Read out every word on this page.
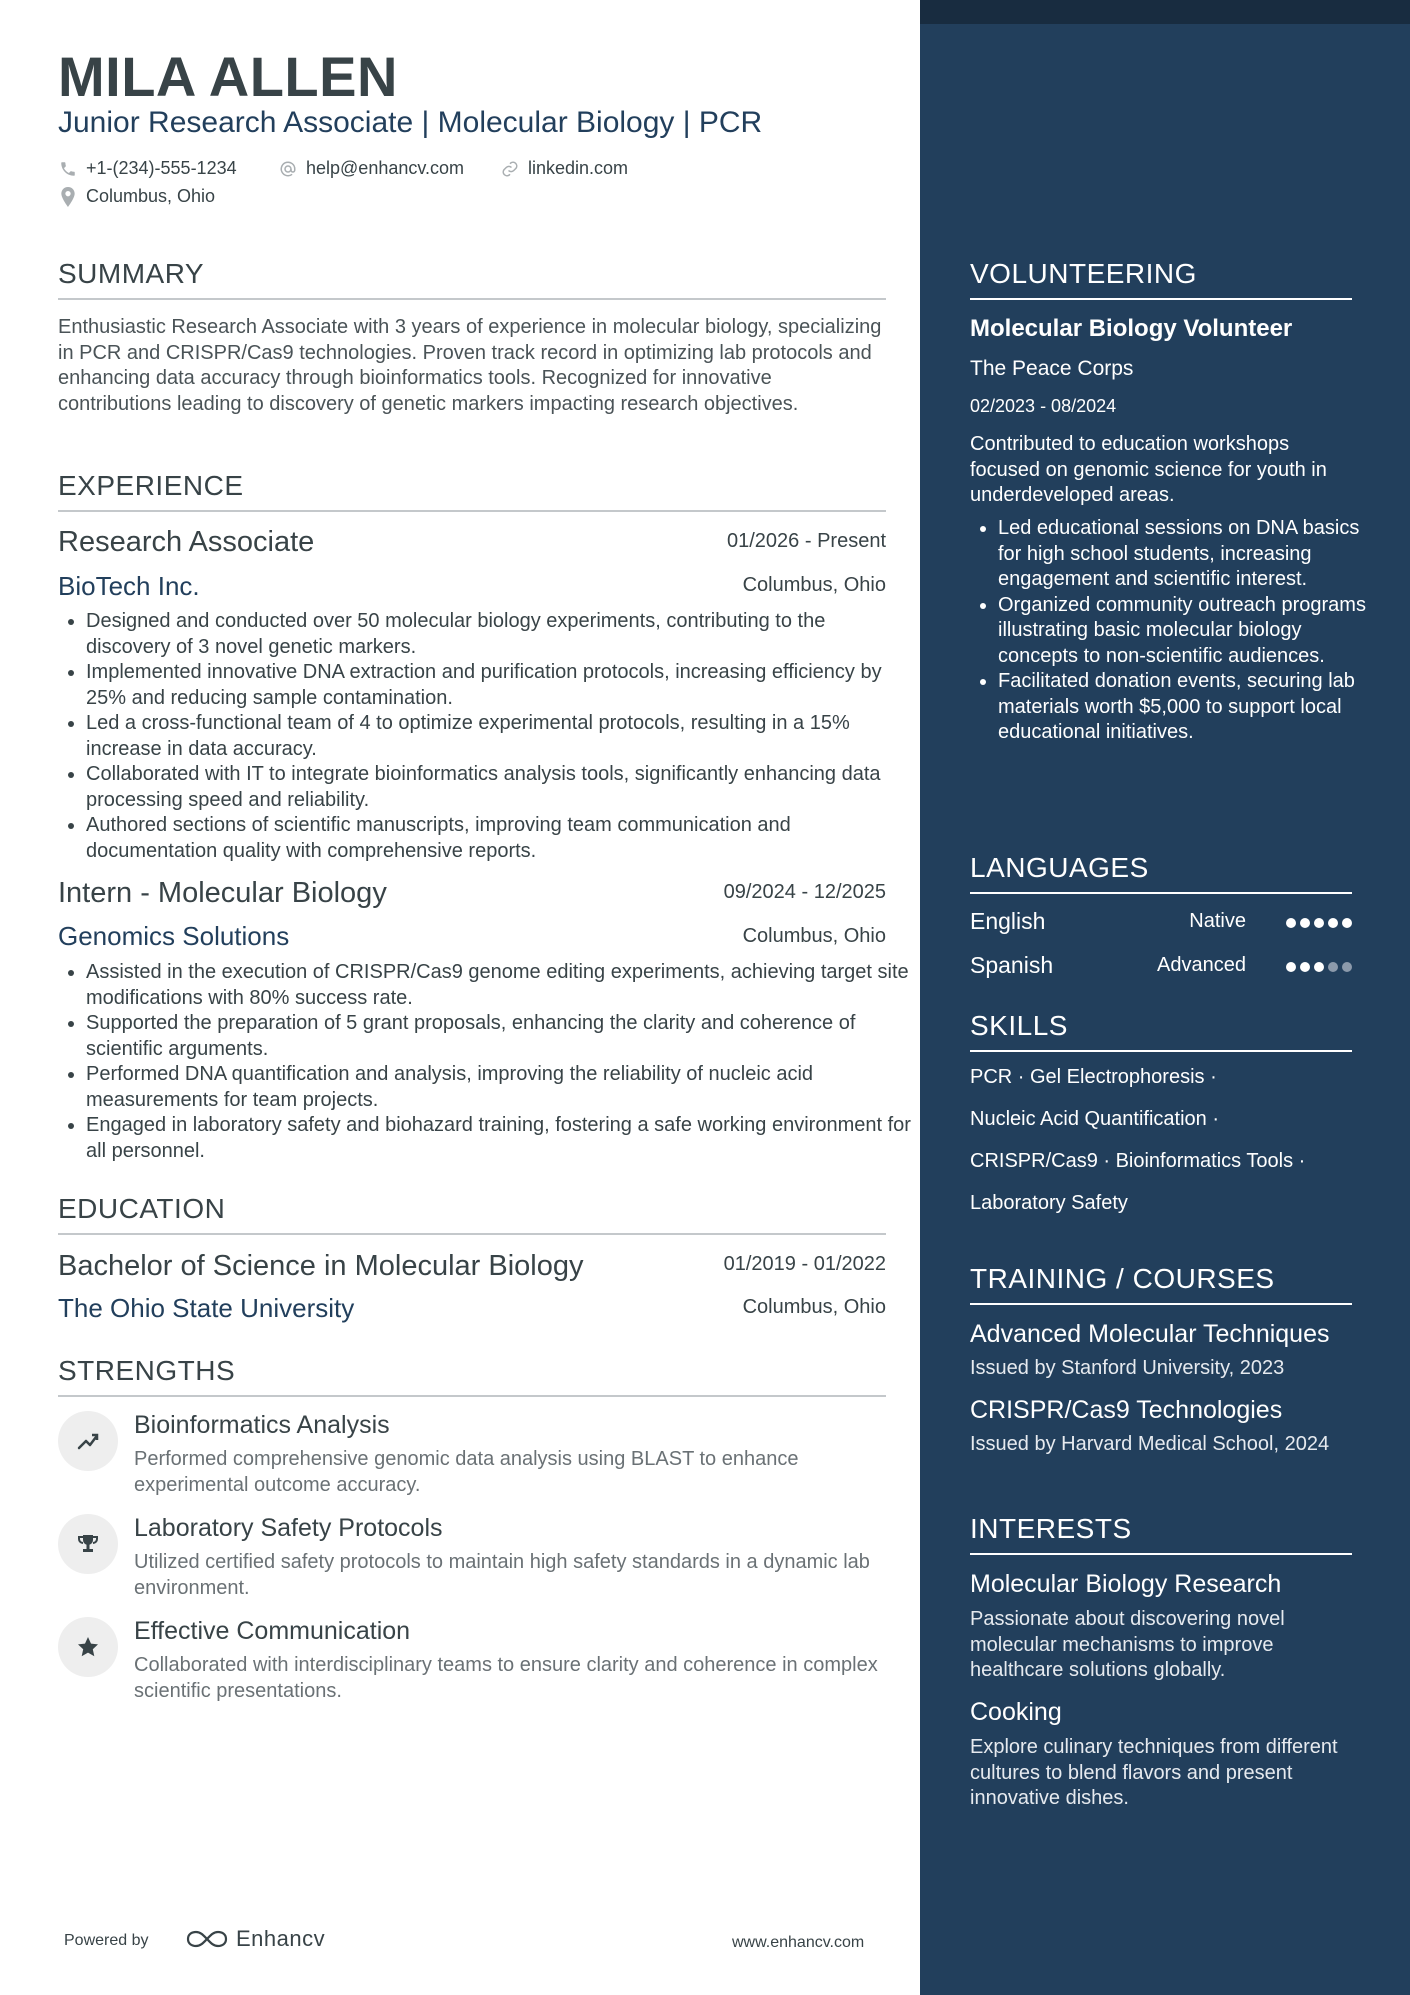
MILA ALLEN
Junior Research Associate | Molecular Biology | PCR
+1-(234)-555-1234	help@enhancv.com	linkedin.com
Columbus, Ohio
SUMMARY
Enthusiastic Research Associate with 3 years of experience in molecular biology, specializing in PCR and CRISPR/Cas9 technologies. Proven track record in optimizing lab protocols and enhancing data accuracy through bioinformatics tools. Recognized for innovative contributions leading to discovery of genetic markers impacting research objectives.
EXPERIENCE
Research Associate	01/2026 - Present
BioTech Inc.	Columbus, Ohio
• Designed and conducted over 50 molecular biology experiments, contributing to the discovery of 3 novel genetic markers.
• Implemented innovative DNA extraction and purification protocols, increasing efficiency by 25% and reducing sample contamination.
• Led a cross-functional team of 4 to optimize experimental protocols, resulting in a 15% increase in data accuracy.
• Collaborated with IT to integrate bioinformatics analysis tools, significantly enhancing data processing speed and reliability.
• Authored sections of scientific manuscripts, improving team communication and documentation quality with comprehensive reports.
Intern - Molecular Biology	09/2024 - 12/2025
Genomics Solutions	Columbus, Ohio
• Assisted in the execution of CRISPR/Cas9 genome editing experiments, achieving target site modifications with 80% success rate.
• Supported the preparation of 5 grant proposals, enhancing the clarity and coherence of scientific arguments.
• Performed DNA quantification and analysis, improving the reliability of nucleic acid measurements for team projects.
• Engaged in laboratory safety and biohazard training, fostering a safe working environment for all personnel.
EDUCATION
Bachelor of Science in Molecular Biology	01/2019 - 01/2022
The Ohio State University	Columbus, Ohio
STRENGTHS
Bioinformatics Analysis
Performed comprehensive genomic data analysis using BLAST to enhance experimental outcome accuracy.
Laboratory Safety Protocols
Utilized certified safety protocols to maintain high safety standards in a dynamic lab environment.
Effective Communication
Collaborated with interdisciplinary teams to ensure clarity and coherence in complex scientific presentations.
Powered by	Enhancv	www.enhancv.com
VOLUNTEERING
Molecular Biology Volunteer
The Peace Corps
02/2023 - 08/2024
Contributed to education workshops focused on genomic science for youth in underdeveloped areas.
• Led educational sessions on DNA basics for high school students, increasing engagement and scientific interest.
• Organized community outreach programs illustrating basic molecular biology concepts to non-scientific audiences.
• Facilitated donation events, securing lab materials worth $5,000 to support local educational initiatives.
LANGUAGES
English	Native
Spanish	Advanced
SKILLS
PCR · Gel Electrophoresis ·
Nucleic Acid Quantification ·
CRISPR/Cas9 · Bioinformatics Tools ·
Laboratory Safety
TRAINING / COURSES
Advanced Molecular Techniques
Issued by Stanford University, 2023
CRISPR/Cas9 Technologies
Issued by Harvard Medical School, 2024
INTERESTS
Molecular Biology Research
Passionate about discovering novel molecular mechanisms to improve healthcare solutions globally.
Cooking
Explore culinary techniques from different cultures to blend flavors and present innovative dishes.
